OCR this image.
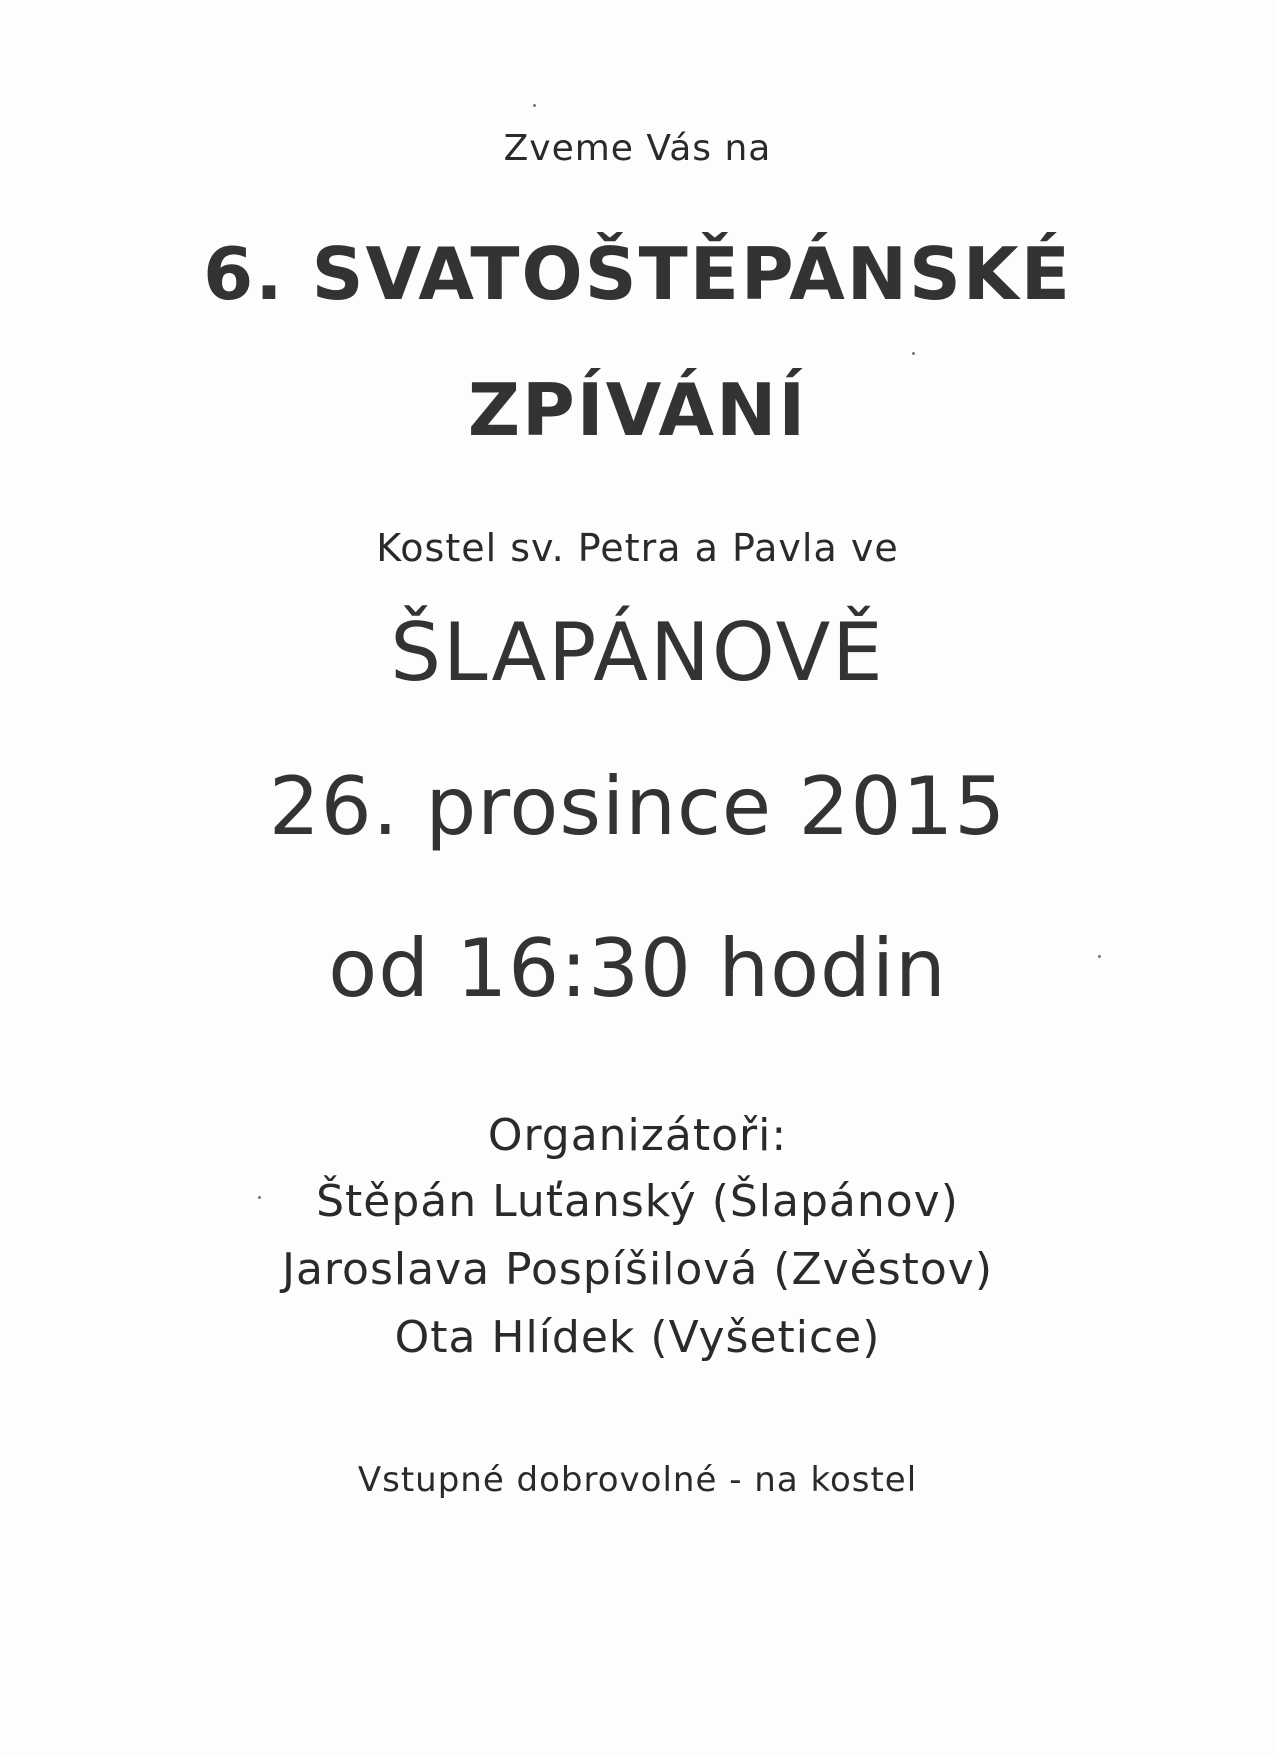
Zveme Vás na
6. SVATOŠTĚPÁNSKÉ
ZPÍVÁNÍ
Kostel sv. Petra a Pavla ve
ŠLAPÁNOVĚ
26. prosince 2015
od 16:30 hodin
Organizátoři:
Štěpán Luťanský (Šlapánov)
Jaroslava Pospíšilová (Zvěstov)
Ota Hlídek (Vyšetice)
Vstupné dobrovolné - na kostel
